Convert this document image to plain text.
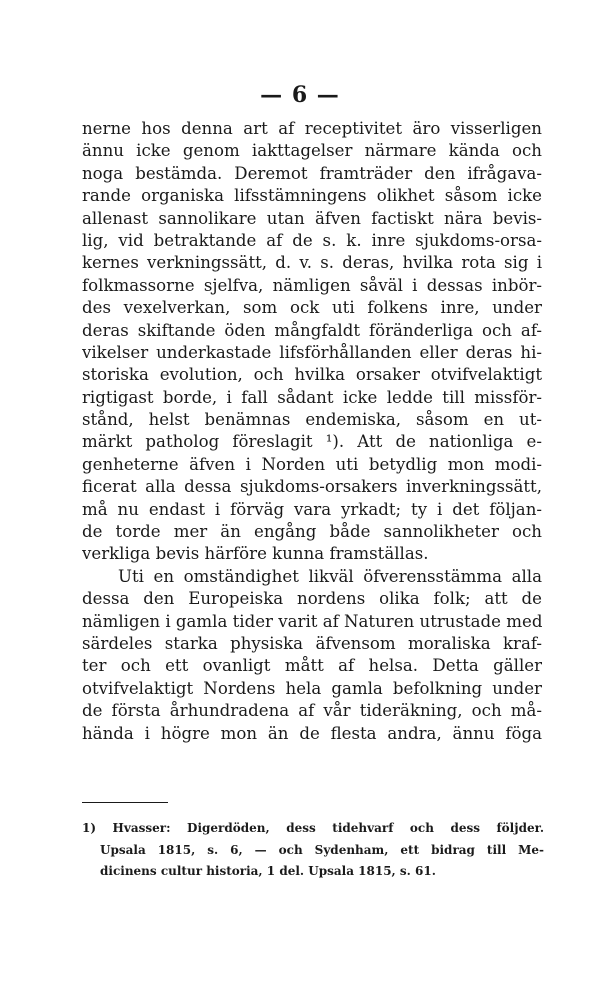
— 6 —
nerne hos denna art af receptivitet äro visserligen
ännu icke genom iakttagelser närmare kända och
noga bestämda. Deremot framträder den ifrågava-
rande organiska lifsstämningens olikhet såsom icke
allenast sannolikare utan äfven factiskt nära bevis-
lig, vid betraktande af de s. k. inre sjukdoms-orsa-
kernes verkningssätt, d. v. s. deras, hvilka rota sig i
folkmassorne sjelfva, nämligen såväl i dessas inbör-
des vexelverkan, som ock uti folkens inre, under
deras skiftande öden mångfaldt föränderliga och af-
vikelser underkastade lifsförhållanden eller deras hi-
storiska evolution, och hvilka orsaker otvifvelaktigt
rigtigast borde, i fall sådant icke ledde till missför-
stånd, helst benämnas endemiska, såsom en ut-
märkt patholog föreslagit ¹). Att de nationliga e-
genheterne äfven i Norden uti betydlig mon modi-
ficerat alla dessa sjukdoms-orsakers inverkningssätt,
må nu endast i förväg vara yrkadt; ty i det följan-
de torde mer än engång både sannolikheter och
verkliga bevis härföre kunna framställas.
Uti en omständighet likväl öfverensstämma alla
dessa den Europeiska nordens olika folk; att de
nämligen i gamla tider varit af Naturen utrustade med
särdeles starka physiska äfvensom moraliska kraf-
ter och ett ovanligt mått af helsa. Detta gäller
otvifvelaktigt Nordens hela gamla befolkning under
de första århundradena af vår tideräkning, och må-
hända i högre mon än de flesta andra, ännu föga
1) Hvasser: Digerdöden, dess tidehvarf och dess följder.
Upsala 1815, s. 6, — och Sydenham, ett bidrag till Me-
dicinens cultur historia, 1 del. Upsala 1815, s. 61.
